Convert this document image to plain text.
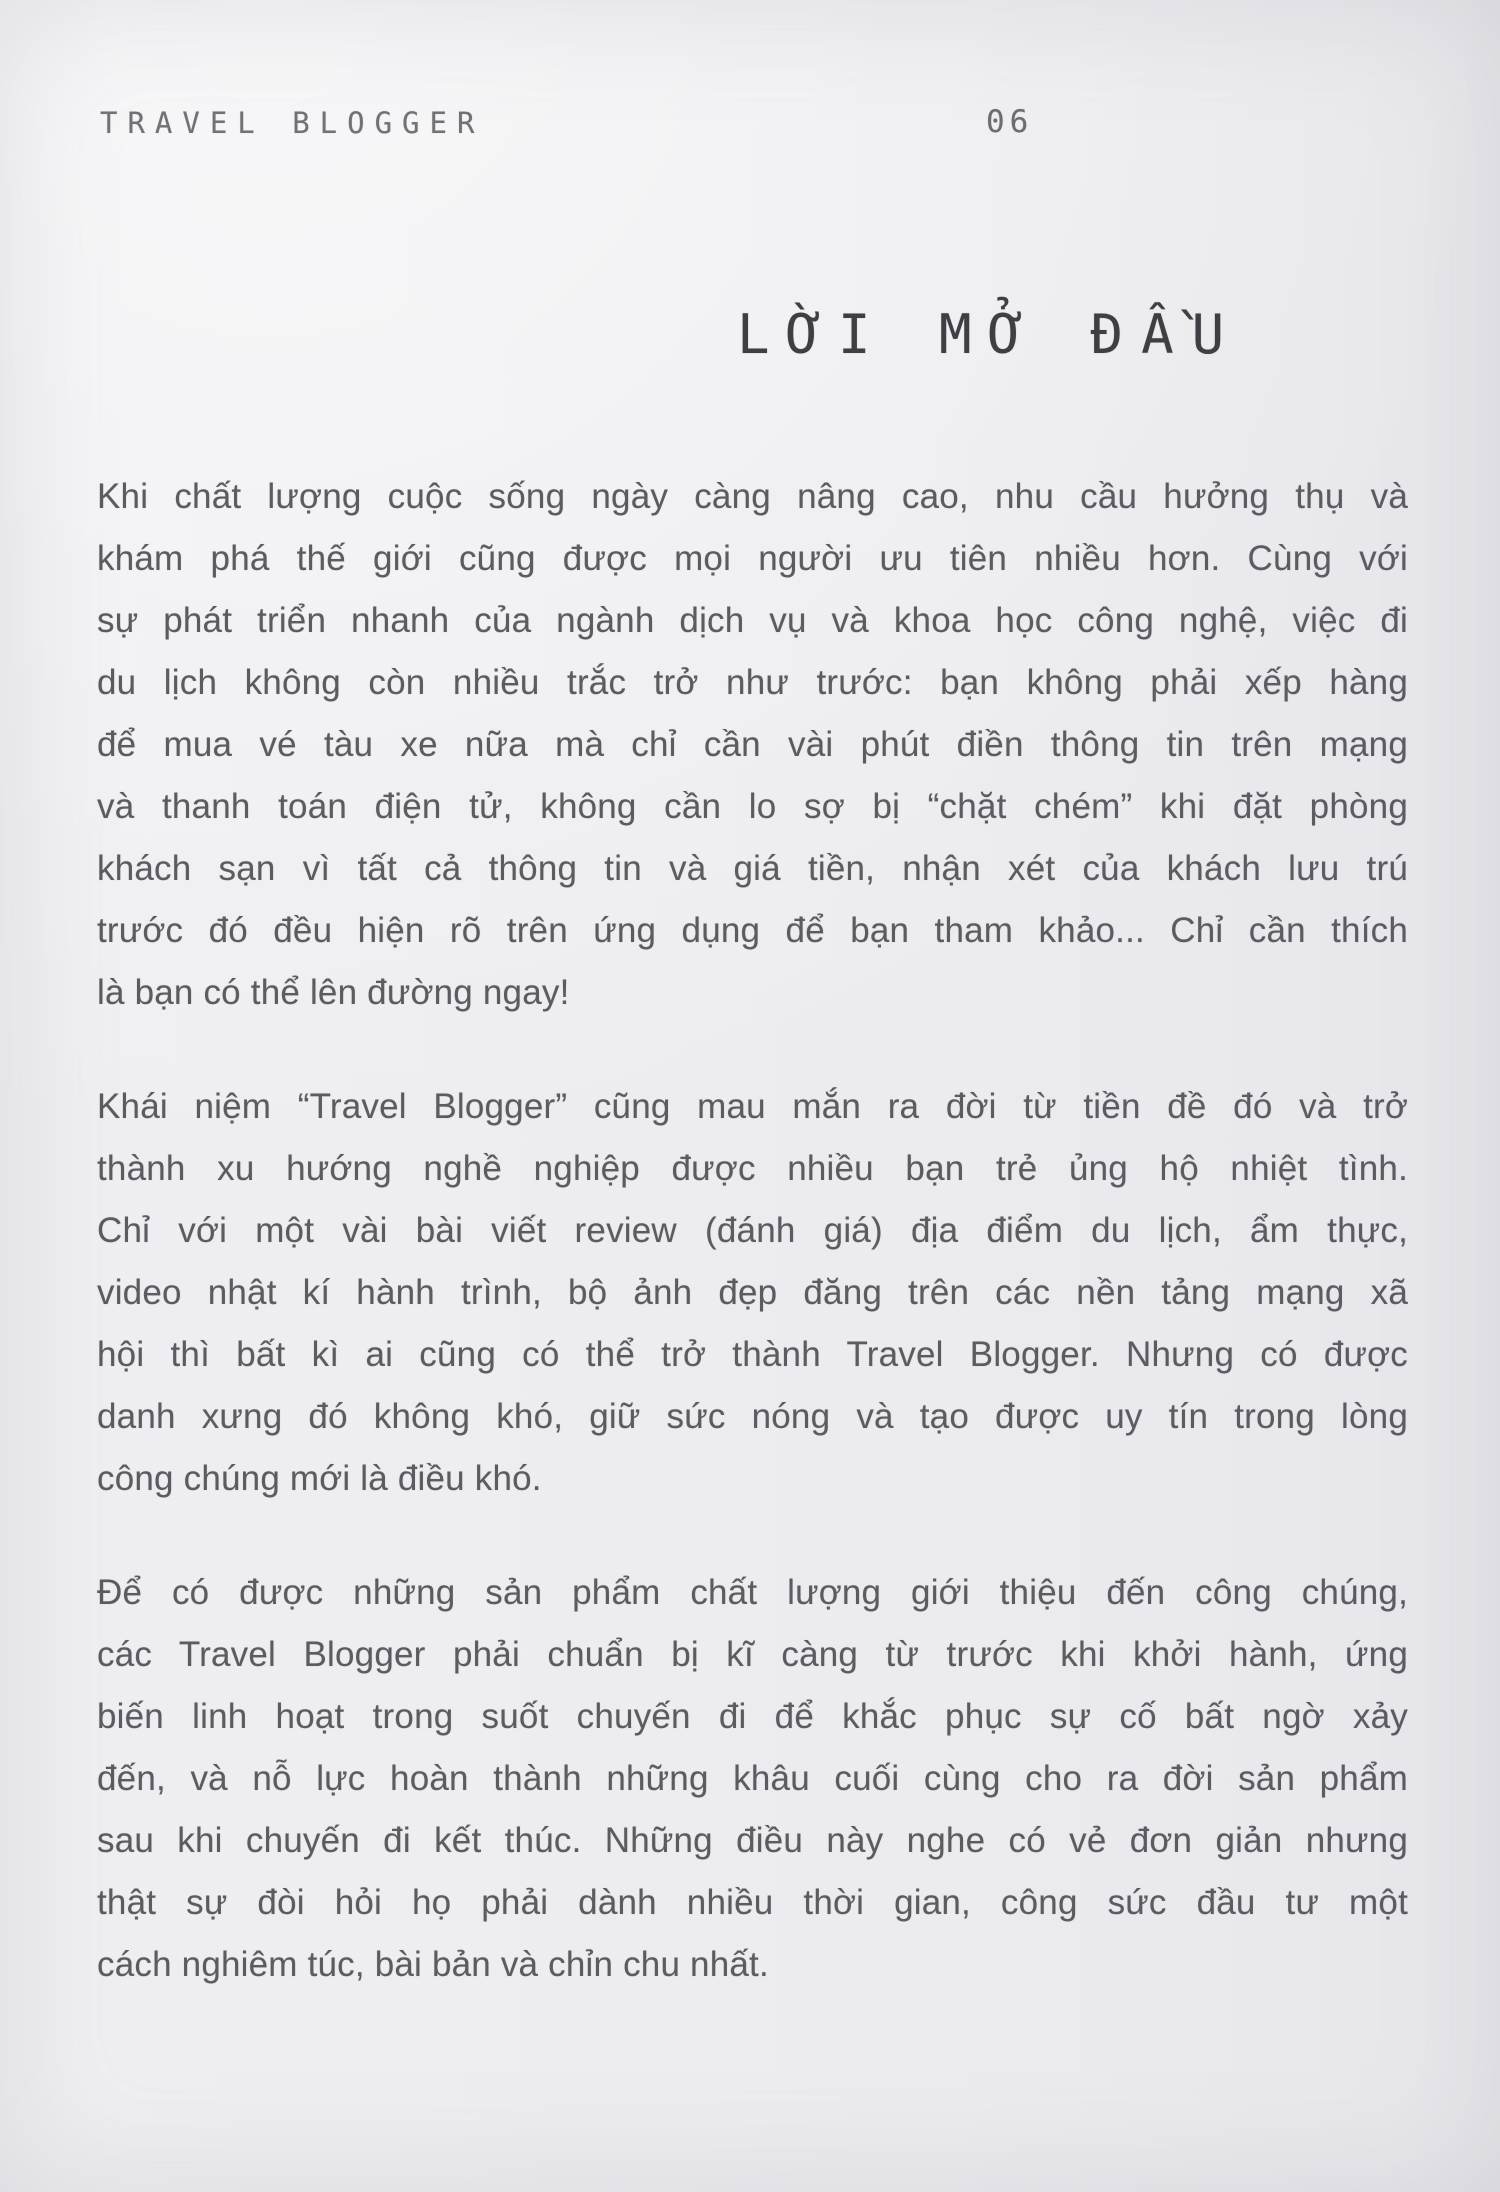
TRAVEL BLOGGER	06
LỜI MỞ ĐẦU
Khi chất lượng cuộc sống ngày càng nâng cao, nhu cầu hưởng thụ và
khám phá thế giới cũng được mọi người ưu tiên nhiều hơn. Cùng với
sự phát triển nhanh của ngành dịch vụ và khoa học công nghệ, việc đi
du lịch không còn nhiều trắc trở như trước: bạn không phải xếp hàng
để mua vé tàu xe nữa mà chỉ cần vài phút điền thông tin trên mạng
và thanh toán điện tử, không cần lo sợ bị “chặt chém” khi đặt phòng
khách sạn vì tất cả thông tin và giá tiền, nhận xét của khách lưu trú
trước đó đều hiện rõ trên ứng dụng để bạn tham khảo... Chỉ cần thích
là bạn có thể lên đường ngay!
Khái niệm “Travel Blogger” cũng mau mắn ra đời từ tiền đề đó và trở
thành xu hướng nghề nghiệp được nhiều bạn trẻ ủng hộ nhiệt tình.
Chỉ với một vài bài viết review (đánh giá) địa điểm du lịch, ẩm thực,
video nhật kí hành trình, bộ ảnh đẹp đăng trên các nền tảng mạng xã
hội thì bất kì ai cũng có thể trở thành Travel Blogger. Nhưng có được
danh xưng đó không khó, giữ sức nóng và tạo được uy tín trong lòng
công chúng mới là điều khó.
Để có được những sản phẩm chất lượng giới thiệu đến công chúng,
các Travel Blogger phải chuẩn bị kĩ càng từ trước khi khởi hành, ứng
biến linh hoạt trong suốt chuyến đi để khắc phục sự cố bất ngờ xảy
đến, và nỗ lực hoàn thành những khâu cuối cùng cho ra đời sản phẩm
sau khi chuyến đi kết thúc. Những điều này nghe có vẻ đơn giản nhưng
thật sự đòi hỏi họ phải dành nhiều thời gian, công sức đầu tư một
cách nghiêm túc, bài bản và chỉn chu nhất.
